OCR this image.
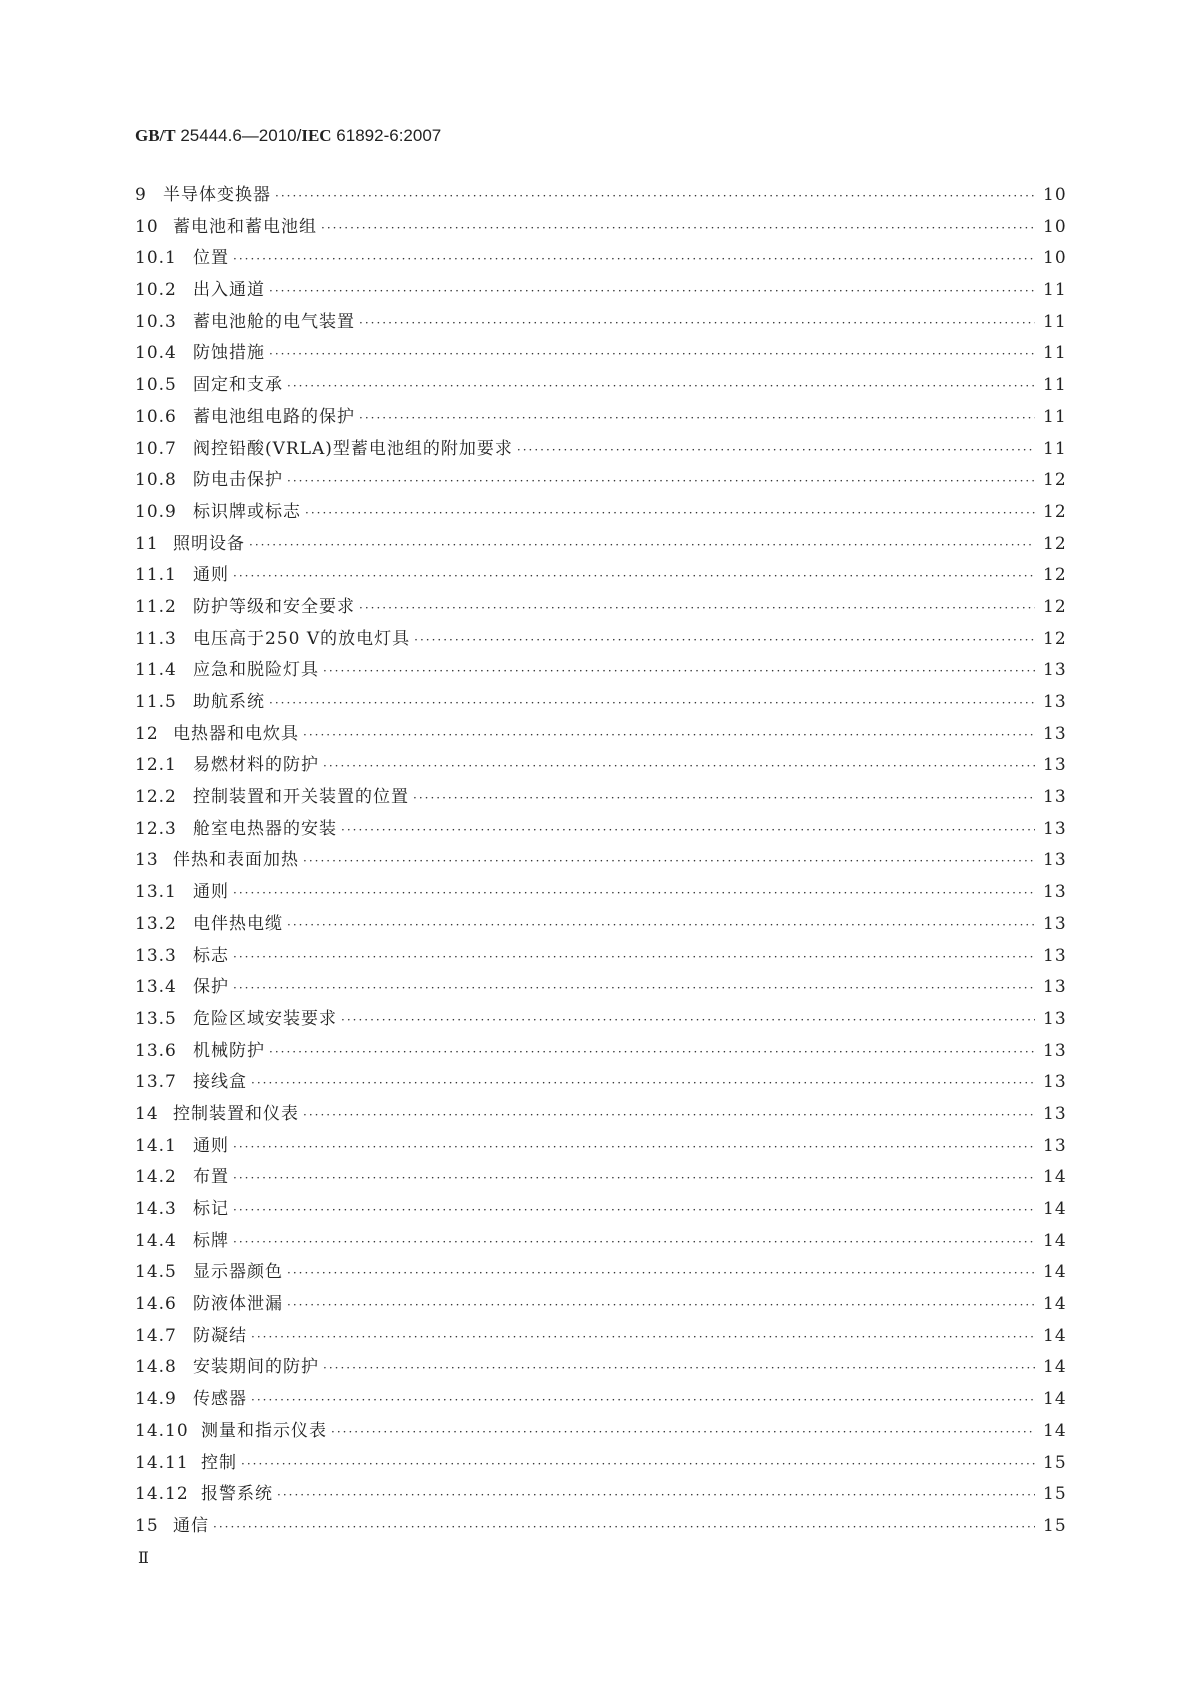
GB/T 25444.6—2010/IEC 61892-6:2007
9 半导体变换器 ·····	10
10 蓄电池和蓄电池组 ·····	10
10.1 位置 ·····	10
10.2 出入通道 ·····	11
10.3 蓄电池舱的电气装置 ·····	11
10.4 防蚀措施 ·····	11
10.5 固定和支承 ·····	11
10.6 蓄电池组电路的保护 ·····	11
10.7 阀控铅酸(VRLA)型蓄电池组的附加要求 ·····	11
10.8 防电击保护 ·····	12
10.9 标识牌或标志 ·····	12
11 照明设备 ·····	12
11.1 通则 ·····	12
11.2 防护等级和安全要求 ·····	12
11.3 电压高于250 V的放电灯具 ·····	12
11.4 应急和脱险灯具 ·····	13
11.5 助航系统 ·····	13
12 电热器和电炊具 ·····	13
12.1 易燃材料的防护 ·····	13
12.2 控制装置和开关装置的位置 ·····	13
12.3 舱室电热器的安装 ·····	13
13 伴热和表面加热 ·····	13
13.1 通则 ·····	13
13.2 电伴热电缆 ·····	13
13.3 标志 ·····	13
13.4 保护 ·····	13
13.5 危险区域安装要求 ·····	13
13.6 机械防护 ·····	13
13.7 接线盒 ·····	13
14 控制装置和仪表 ·····	13
14.1 通则 ·····	13
14.2 布置 ·····	14
14.3 标记 ·····	14
14.4 标牌 ·····	14
14.5 显示器颜色 ·····	14
14.6 防液体泄漏 ·····	14
14.7 防凝结 ·····	14
14.8 安装期间的防护 ·····	14
14.9 传感器 ·····	14
14.10 测量和指示仪表 ·····	14
14.11 控制 ·····	15
14.12 报警系统 ·····	15
15 通信 ·····	15
Ⅱ
